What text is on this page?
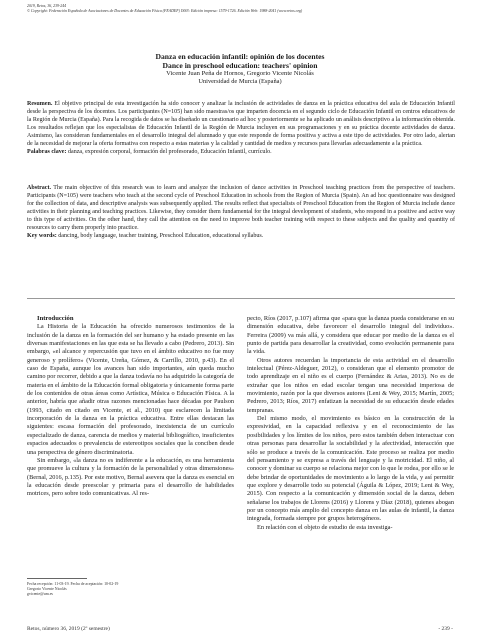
2019, Retos, 36, 239-244
© Copyright: Federación Española de Asociaciones de Docentes de Educación Física (FEADEF) ISSN: Edición impresa: 1579-1726. Edición Web: 1988-2041 (www.retos.org)
Danza en educación infantil: opinión de los docentes
Dance in preschool education: teachers' opinion
Vicente Juan Peña de Hornos, Gregorio Vicente Nicolás
Universidad de Murcia (España)
Resumen. El objetivo principal de esta investigación ha sido conocer y analizar la inclusión de actividades de danza en la práctica educativa del aula de Educación Infantil desde la perspectiva de los docentes. Los participantes (N=105) han sido maestras/os que imparten docencia en el segundo ciclo de Educación Infantil en centros educativos de la Región de Murcia (España). Para la recogida de datos se ha diseñado un cuestionario ad hoc y posteriormente se ha aplicado un análisis descriptivo a la información obtenida. Los resultados reflejan que los especialistas de Educación Infantil de la Región de Murcia incluyen en sus programaciones y en su práctica docente actividades de danza. Asimismo, las consideran fundamentales en el desarrollo integral del alumnado y que este responde de forma positiva y activa a este tipo de actividades. Por otro lado, alertan de la necesidad de mejorar la oferta formativa con respecto a estas materias y la calidad y cantidad de medios y recursos para llevarlas adecuadamente a la práctica.
Palabras clave: danza, expresión corporal, formación del profesorado, Educación Infantil, currículo.
Abstract. The main objective of this research was to learn and analyze the inclusion of dance activities in Preschool teaching practices from the perspective of teachers. Participants (N=105) were teachers who teach at the second cycle of Preschool Education in schools from the Region of Murcia (Spain). An ad hoc questionnaire was designed for the collection of data, and descriptive analysis was subsequently applied. The results reflect that specialists of Preschool Education from the Region of Murcia include dance activities in their planning and teaching practices. Likewise, they consider them fundamental for the integral development of students, who respond in a positive and active way to this type of activities. On the other hand, they call the attention on the need to improve both teacher training with respect to these subjects and the quality and quantity of resources to carry them properly into practice.
Key words: dancing, body language, teacher training, Preschool Education, educational syllabus.

Introducción

La Historia de la Educación ha ofrecido numerosos testimonios de la inclusión de la danza en la formación del ser humano y ha estado presente en las diversas manifestaciones en las que esta se ha llevado a cabo (Pedrero, 2013). Sin embargo, «el alcance y repercusión que tuvo en el ámbito educativo no fue muy generoso y prolífero» (Vicente, Ureña, Gómez, & Carrillo, 2010, p.43). En el caso de España, aunque los avances han sido importantes, aún queda mucho camino por recorrer, debido a que la danza todavía no ha adquirido la categoría de materia en el ámbito de la Educación formal obligatoria y únicamente forma parte de los contenidos de otras áreas como Artística, Música o Educación Física. A la anterior, habría que añadir otras razones mencionadas hace décadas por Paulson (1993, citado en citado en Vicente, et al., 2010) que esclarecen la limitada incorporación de la danza en la práctica educativa. Entre ellas destacan las siguientes: escasa formación del profesorado, inexistencia de un currículo especializado de danza, carencia de medios y material bibliográfico, insuficientes espacios adecuados o prevalencia de estereotipos sociales que la conciben desde una perspectiva de género discriminatoria.

Sin embargo, «la danza no es indiferente a la educación, es una herramienta que promueve la cultura y la formación de la personalidad y otras dimensiones» (Bernal, 2016, p.135). Por este motivo, Bernal asevera que la danza es esencial en la educación desde preescolar y primaria para el desarrollo de habilidades motrices, pero sobre todo comunicativas. Al res-

pecto, Ríos (2017, p.107) afirma que «para que la danza pueda considerarse en su dimensión educativa, debe favorecer el desarrollo integral del individuo». Ferreira (2009) va más allá, y considera que educar por medio de la danza es el punto de partida para desarrollar la creatividad, como evolución permanente para la vida.

Otros autores recuerdan la importancia de esta actividad en el desarrollo intelectual (Pérez-Aldeguer, 2012), o consideran que el elemento promotor de todo aprendizaje en el niño es el cuerpo (Fernández & Arias, 2013). No es de extrañar que los niños en edad escolar tengan una necesidad imperiosa de movimiento, razón por la que diversos autores (Leni & Wey, 2015; Martín, 2005; Pedrero, 2013; Ríos, 2017) enfatizan la necesidad de su educación desde edades tempranas.

Del mismo modo, el movimiento es básico en la construcción de la expresividad, en la capacidad reflexiva y en el reconocimiento de las posibilidades y los límites de los niños, pero estos también deben interactuar con otras personas para desarrollar la sociabilidad y la afectividad, interacción que sólo se produce a través de la comunicación. Este proceso se realiza por medio del pensamiento y se expresa a través del lenguaje y la motricidad. El niño, al conocer y dominar su cuerpo se relaciona mejor con lo que le rodea, por ello se le debe brindar de oportunidades de movimiento a lo largo de la vida, y así permitir que explore y desarrolle todo su potencial (Águila & López, 2019; Leni & Wey, 2015). Con respecto a la comunicación y dimensión social de la danza, deben señalarse los trabajos de Llorens (2016) y Llorens y Díaz (2018), quienes abogan por un concepto más amplio del concepto danza en las aulas de infantil, la danza integrada, formada siempre por grupos heterogéneos.

En relación con el objeto de estudio de esta investiga-

Fecha recepción: 11-03-19. Fecha de aceptación: 10-02-19
Gregorio Vicente Nicolás
gvicente@um.es
Retos, número 36, 2019 (2º semestre)	- 239 -
